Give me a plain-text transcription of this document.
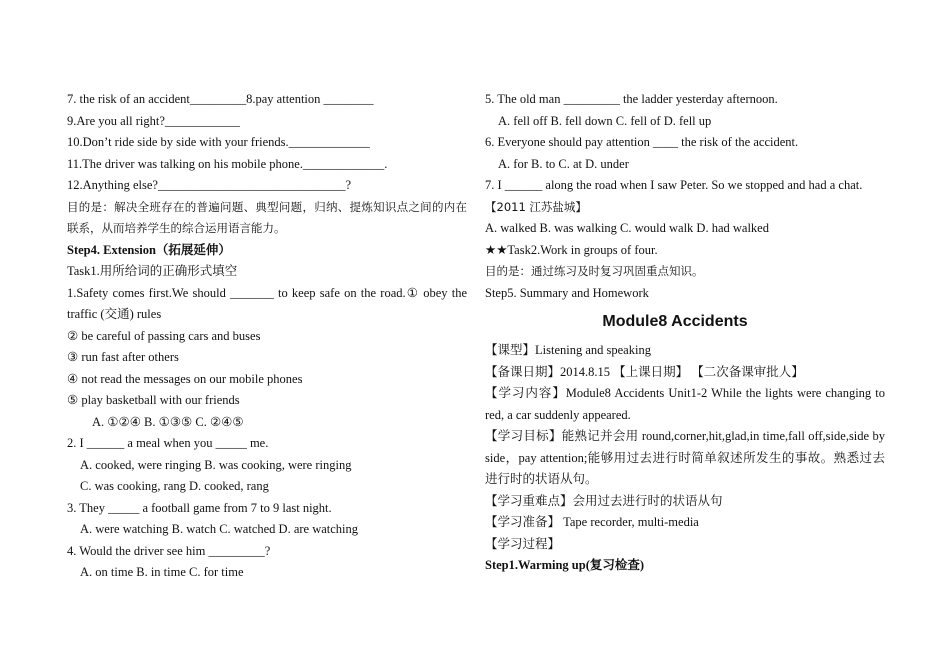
7. the risk of an accident_________8.pay attention ________
9.Are you all right?____________
10.Don’t ride side by side with your friends._____________
11.The driver was talking on his mobile phone._____________.
12.Anything else?______________________________?
目的是：解决全班存在的普遍问题、典型问题，归纳、提炼知识点之间的内在联系，从而培养学生的综合运用语言能力。
Step4. Extension（拓展延伸）
Task1.用所给词的正确形式填空
1.Safety comes first.We should _______ to keep safe on the road.① obey the traffic (交通) rules
② be careful of passing cars and buses
③ run fast after others
④ not read the messages on our mobile phones
⑤ play basketball with our friends
A. ①②④ B. ①③⑤ C. ②④⑤
2. I ______ a meal when you _____ me.
A. cooked, were ringing B. was cooking, were ringing
C. was cooking, rang D. cooked, rang
3. They _____ a football game from 7 to 9 last night.
A. were watching B. watch C. watched D. are watching
4. Would the driver see him _________?
A. on time B. in time C. for time
5. The old man _________ the ladder yesterday afternoon.
A. fell off B. fell down C. fell of D. fell up
6. Everyone should pay attention ____ the risk of the accident.
A. for B. to C. at D. under
7. I ______ along the road when I saw Peter. So we stopped and had a chat.
【2011 江苏盐城】
A. walked B. was walking C. would walk D. had walked
★★Task2.Work in groups of four.
目的是：通过练习及时复习巩固重点知识。
Step5. Summary and Homework
Module8 Accidents
【课型】Listening and speaking
【备课日期】2014.8.15 【上课日期】 【二次备课审批人】
【学习内容】Module8 Accidents Unit1-2 While the lights were changing to red, a car suddenly appeared.
【学习目标】能熟记并会用 round,corner,hit,glad,in time,fall off,side,side by side，pay attention;能够用过去进行时简单叙述所发生的事故。熟悉过去进行时的状语从句。
【学习重难点】会用过去进行时的状语从句
【学习准备】 Tape recorder, multi-media
【学习过程】
Step1.Warming up(复习检查)
